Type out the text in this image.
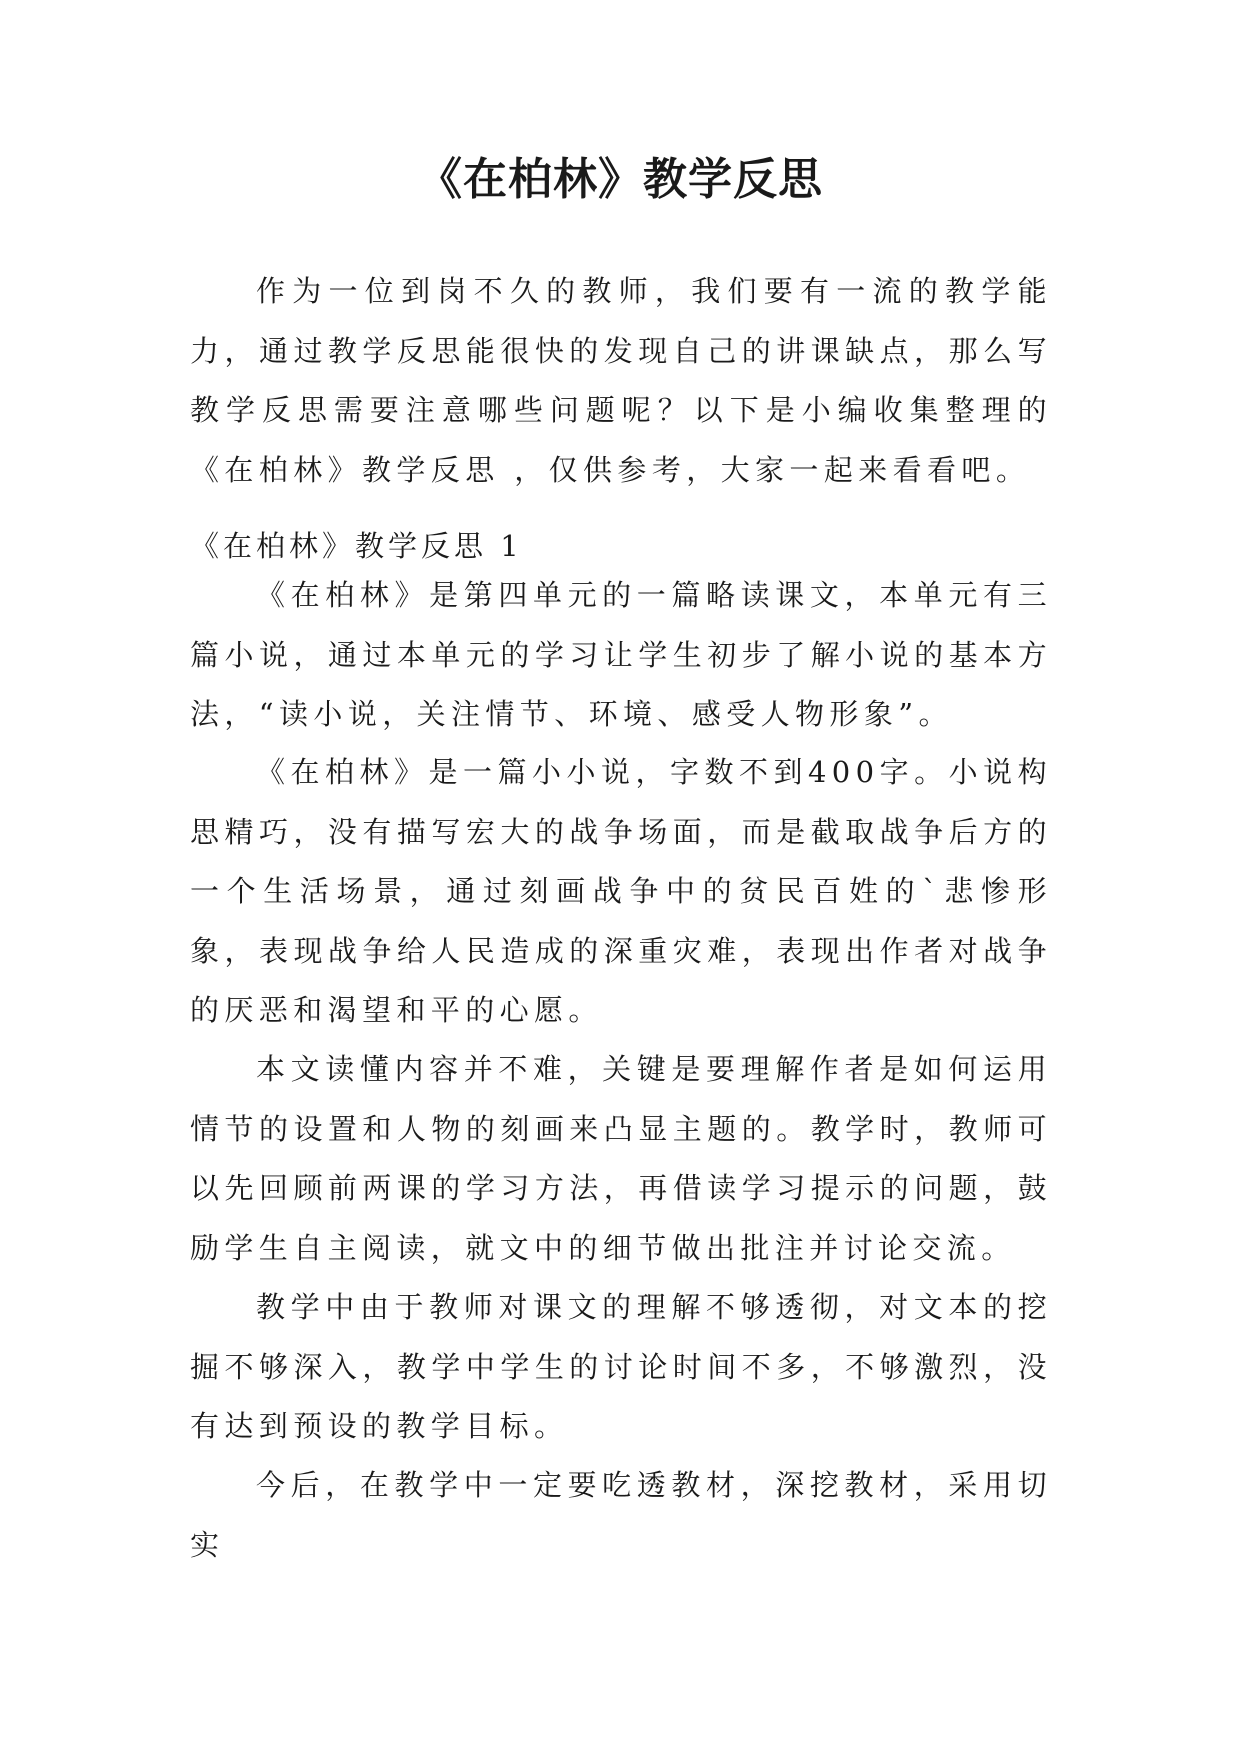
《在柏林》教学反思

作为一位到岗不久的教师，我们要有一流的教学能力，通过教学反思能很快的发现自己的讲课缺点，那么写教学反思需要注意哪些问题呢？以下是小编收集整理的《在柏林》教学反思 ，仅供参考，大家一起来看看吧。

《在柏林》教学反思 1

《在柏林》是第四单元的一篇略读课文，本单元有三篇小说，通过本单元的学习让学生初步了解小说的基本方法，“读小说，关注情节、环境、感受人物形象”。

《在柏林》是一篇小小说，字数不到400字。小说构思精巧，没有描写宏大的战争场面，而是截取战争后方的一个生活场景，通过刻画战争中的贫民百姓的`悲惨形象，表现战争给人民造成的深重灾难，表现出作者对战争的厌恶和渴望和平的心愿。

本文读懂内容并不难，关键是要理解作者是如何运用情节的设置和人物的刻画来凸显主题的。教学时，教师可以先回顾前两课的学习方法，再借读学习提示的问题，鼓励学生自主阅读，就文中的细节做出批注并讨论交流。

教学中由于教师对课文的理解不够透彻，对文本的挖掘不够深入，教学中学生的讨论时间不多，不够激烈，没有达到预设的教学目标。

今后，在教学中一定要吃透教材，深挖教材，采用切实
